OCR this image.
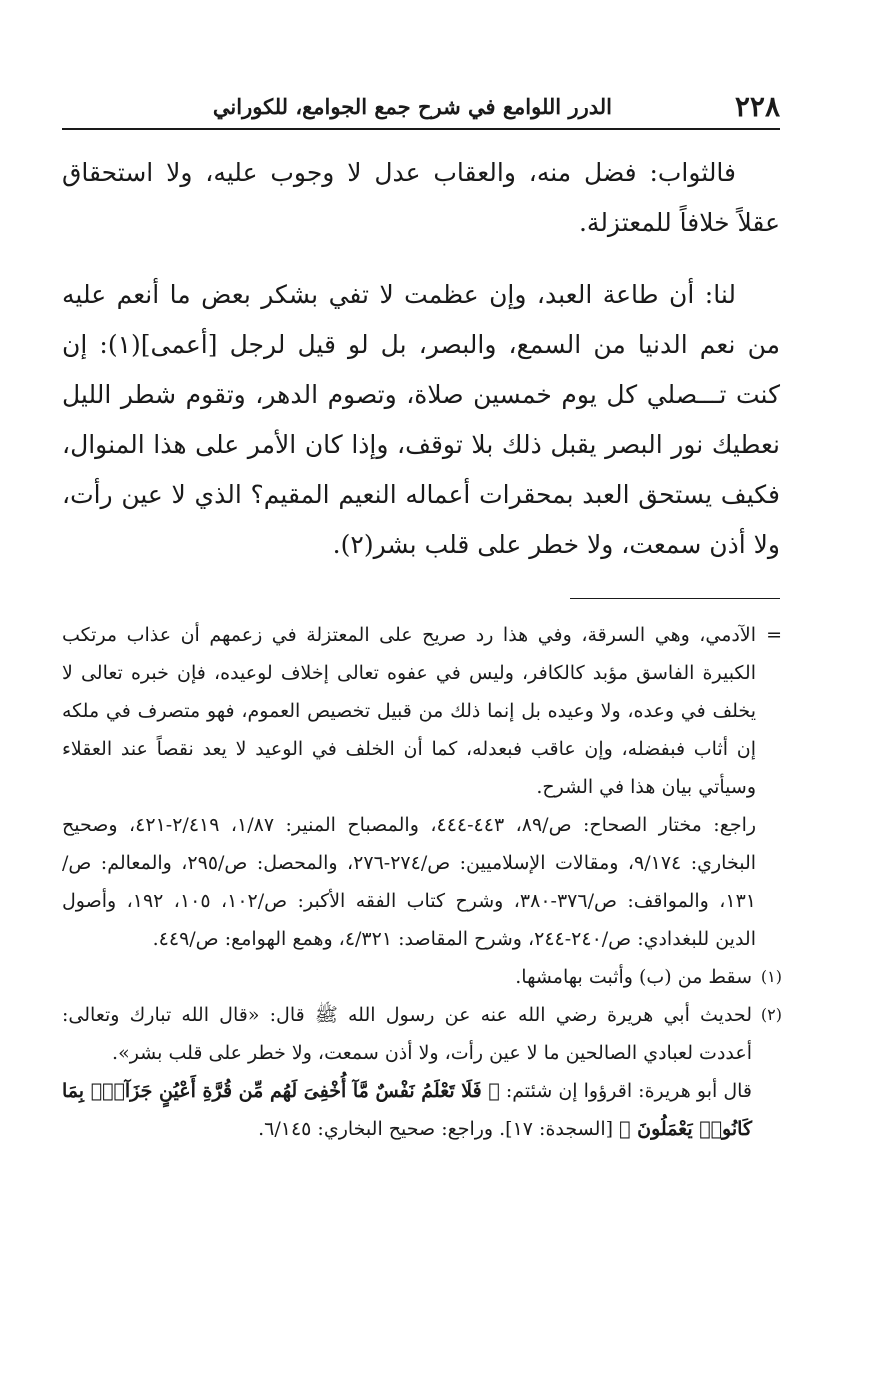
٢٢٨
الدرر اللوامع في شرح جمع الجوامع، للكوراني

فالثواب: فضل منه، والعقاب عدل لا وجوب عليه، ولا استحقاق عقلاً خلافاً للمعتزلة.

لنا: أن طاعة العبد، وإن عظمت لا تفي بشكر بعض ما أنعم عليه من نعم الدنيا من السمع، والبصر، بل لو قيل لرجل [أعمى](١): إن كنت تـــصلي كل يوم خمسين صلاة، وتصوم الدهر، وتقوم شطر الليل نعطيك نور البصر يقبل ذلك بلا توقف، وإذا كان الأمر على هذا المنوال، فكيف يستحق العبد بمحقرات أعماله النعيم المقيم؟ الذي لا عين رأت، ولا أذن سمعت، ولا خطر على قلب بشر(٢).

=

الآدمي، وهي السرقة، وفي هذا رد صريح على المعتزلة في زعمهم أن عذاب مرتكب الكبيرة الفاسق مؤبد كالكافر، وليس في عفوه تعالى إخلاف لوعيده، فإن خبره تعالى لا يخلف في وعده، ولا وعيده بل إنما ذلك من قبيل تخصيص العموم، فهو متصرف في ملكه إن أثاب فبفضله، وإن عاقب فبعدله، كما أن الخلف في الوعيد لا يعد نقصاً عند العقلاء وسيأتي بيان هذا في الشرح.

راجع: مختار الصحاح: ص/٨٩، ٤٤٣-٤٤٤، والمصباح المنير: ١/٨٧، ٢/٤١٩-٤٢١، وصحيح البخاري: ٩/١٧٤، ومقالات الإسلاميين: ص/٢٧٤-٢٧٦، والمحصل: ص/٢٩٥، والمعالم: ص/١٣١، والمواقف: ص/٣٧٦-٣٨٠، وشرح كتاب الفقه الأكبر: ص/١٠٢، ١٠٥، ١٩٢، وأصول الدين للبغدادي: ص/٢٤٠-٢٤٤، وشرح المقاصد: ٤/٣٢١، وهمع الهوامع: ص/٤٤٩.

(١)

سقط من (ب) وأثبت بهامشها.

(٢)

لحديث أبي هريرة رضي الله عنه عن رسول الله ﷺ قال: «قال الله تبارك وتعالى: أعددت لعبادي الصالحين ما لا عين رأت، ولا أذن سمعت، ولا خطر على قلب بشر».

قال أبو هريرة: اقرؤوا إن شئتم: ﴿ فَلَا تَعْلَمُ نَفْسٌ مَّآ أُخْفِىَ لَهُم مِّن قُرَّةِ أَعْيُنٍ جَزَآءًۢ بِمَا كَانُوا۟ يَعْمَلُونَ ﴾ [السجدة: ١٧]. وراجع: صحيح البخاري: ٦/١٤٥.
